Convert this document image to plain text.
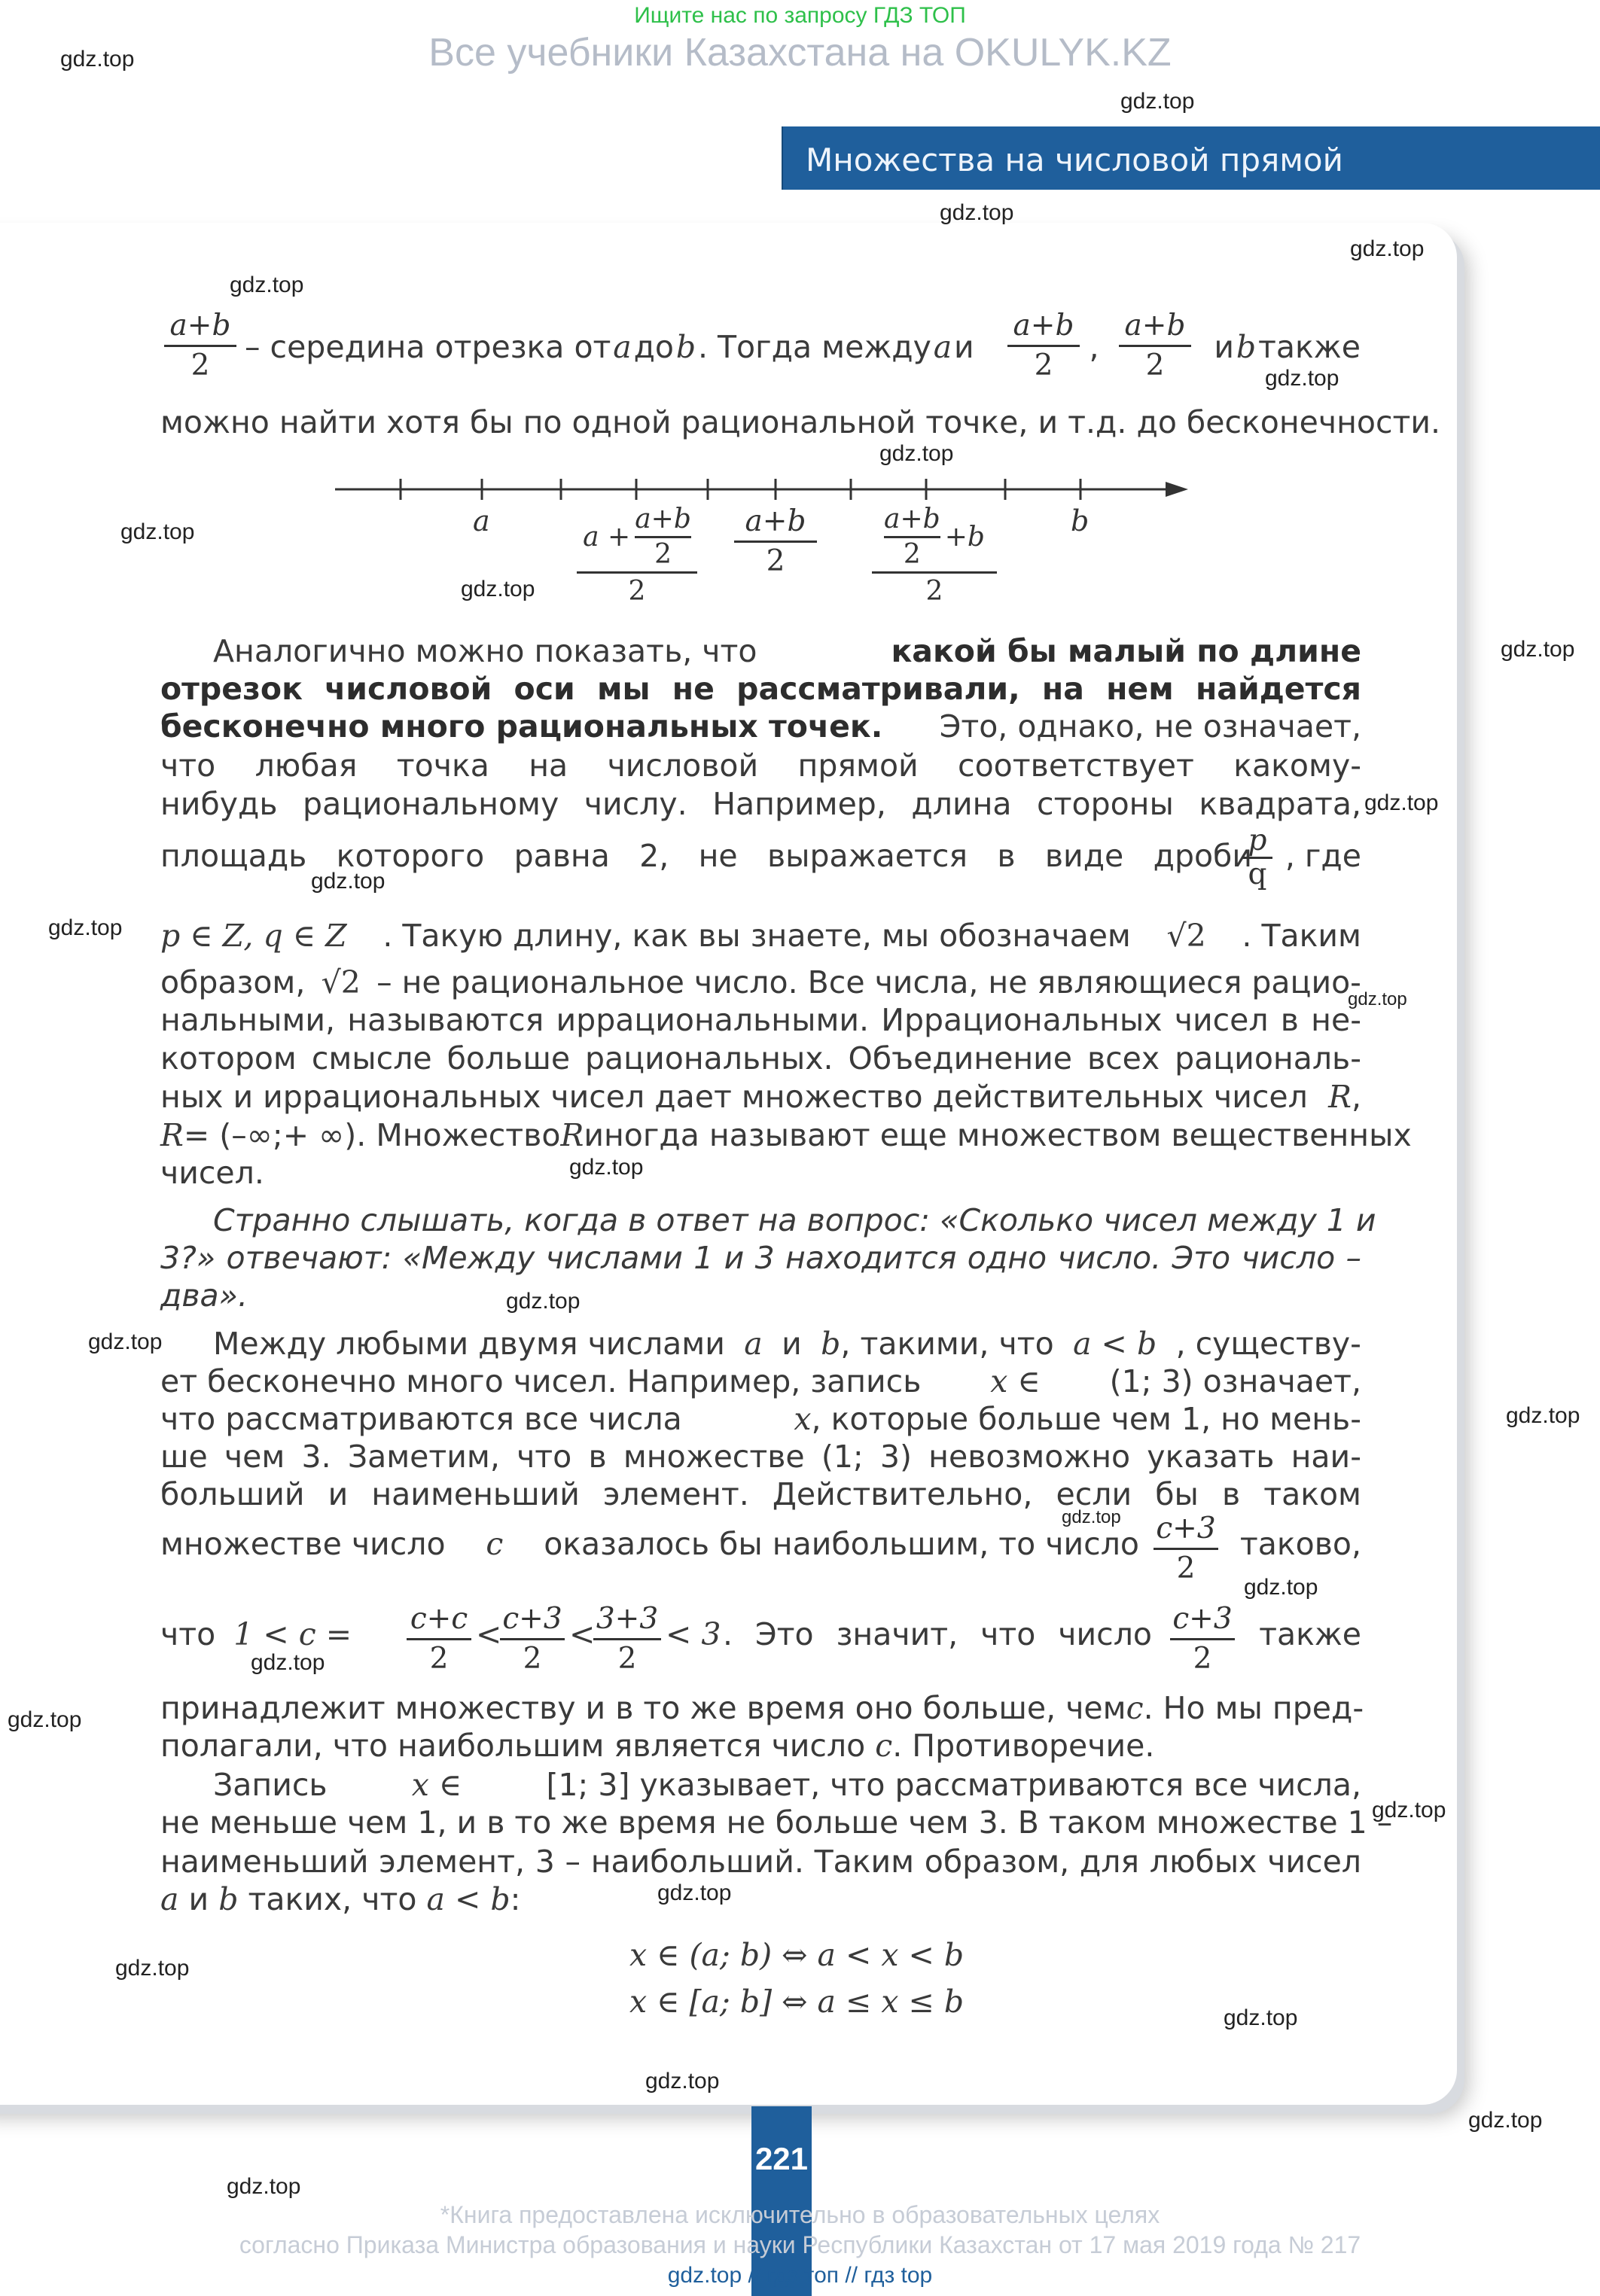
Ищите нас по запросу ГДЗ ТОП
Все учебники Казахстана на OKULYK.KZ
Множества на числовой прямой
a+b
2
– середина отрезка от a до b . Тогда между a и	,	и b также
a+b
2
a+b
2
можно найти хотя бы по одной рациональной точке, и т.д. до бесконечности.
a	b
$a + \frac{a+b}{2}$
2
a+b
2	$\frac{a+b}{2} +b$
2
Аналогично можно показать, что	какой бы малый по длине
отрезок числовой оси мы не рассматривали, на нем найдется
бесконечно много рациональных точек. Это, однако, не означает,
что любая точка на числовой прямой соответствует какому-
нибудь рациональному числу. Например, длина стороны квадрата,
площадь которого равна 2, не выражается в виде дроби
p
q
, где
p ∈ Z, q ∈ Z . Такую длину, как вы знаете, мы обозначаем √2 . Таким
образом, √2 – не рациональное число. Все числа, не являющиеся рацио-
нальными, называются иррациональными. Иррациональных чисел в не-
котором смысле больше рациональных. Объединение всех рациональ-
ных и иррациональных чисел дает множество действительных чисел R,
R= (–∞;+ ∞). Множество R иногда называют еще множеством вещественных
чисел.
Странно слышать, когда в ответ на вопрос: «Сколько чисел между 1 и
3?» отвечают: «Между числами 1 и 3 находится одно число. Это число –
два».
Между любыми двумя числами a и b, такими, что a < b , существу-
ет бесконечно много чисел. Например, запись x ∈ (1; 3) означает,
что рассматриваются все числа	x, которые больше чем 1, но мень-
ше чем 3. Заметим, что в множестве (1; 3) невозможно указать наи-
больший и наименьший элемент. Действительно, если бы в таком
множестве число c оказалось бы наибольшим, то число c+3
2
таково,
что 1 < c = c+c
2
< c+3
2
< 3+3
2
< 3 . Это значит, что число c+3
2
также
принадлежит множеству и в то же время оно больше, чем c. Но мы пред-
полагали, что наибольшим является число c. Противоречие.
Запись	x ∈	[1; 3] указывает, что рассматриваются все числа,
не меньше чем 1, и в то же время не больше чем 3. В таком множестве 1 –
наименьший элемент, 3 – наибольший. Таким образом, для любых чисел
a и b таких, что a < b:
x ∈ (a; b) ⇔ a < x < b
x ∈ [a; b] ⇔ a ≤ x ≤ b
221
*Книга предоставлена исключительно в образовательных целях
согласно Приказа Министра образования и науки Республики Казахстан от 17 мая 2019 года № 217
gdz.top // гдз топ // гдз top
gdz.top
gdz.top
gdz.top
gdz.top
gdz.top
gdz.top
gdz.top
gdz.top
gdz.top
gdz.top
gdz.top
gdz.top
gdz.top
gdz.top
gdz.top
gdz.top
gdz.top
gdz.top
gdz.top
gdz.top
gdz.top
gdz.top
gdz.top
gdz.top
gdz.top
gdz.top
gdz.top
gdz.top
gdz.top
